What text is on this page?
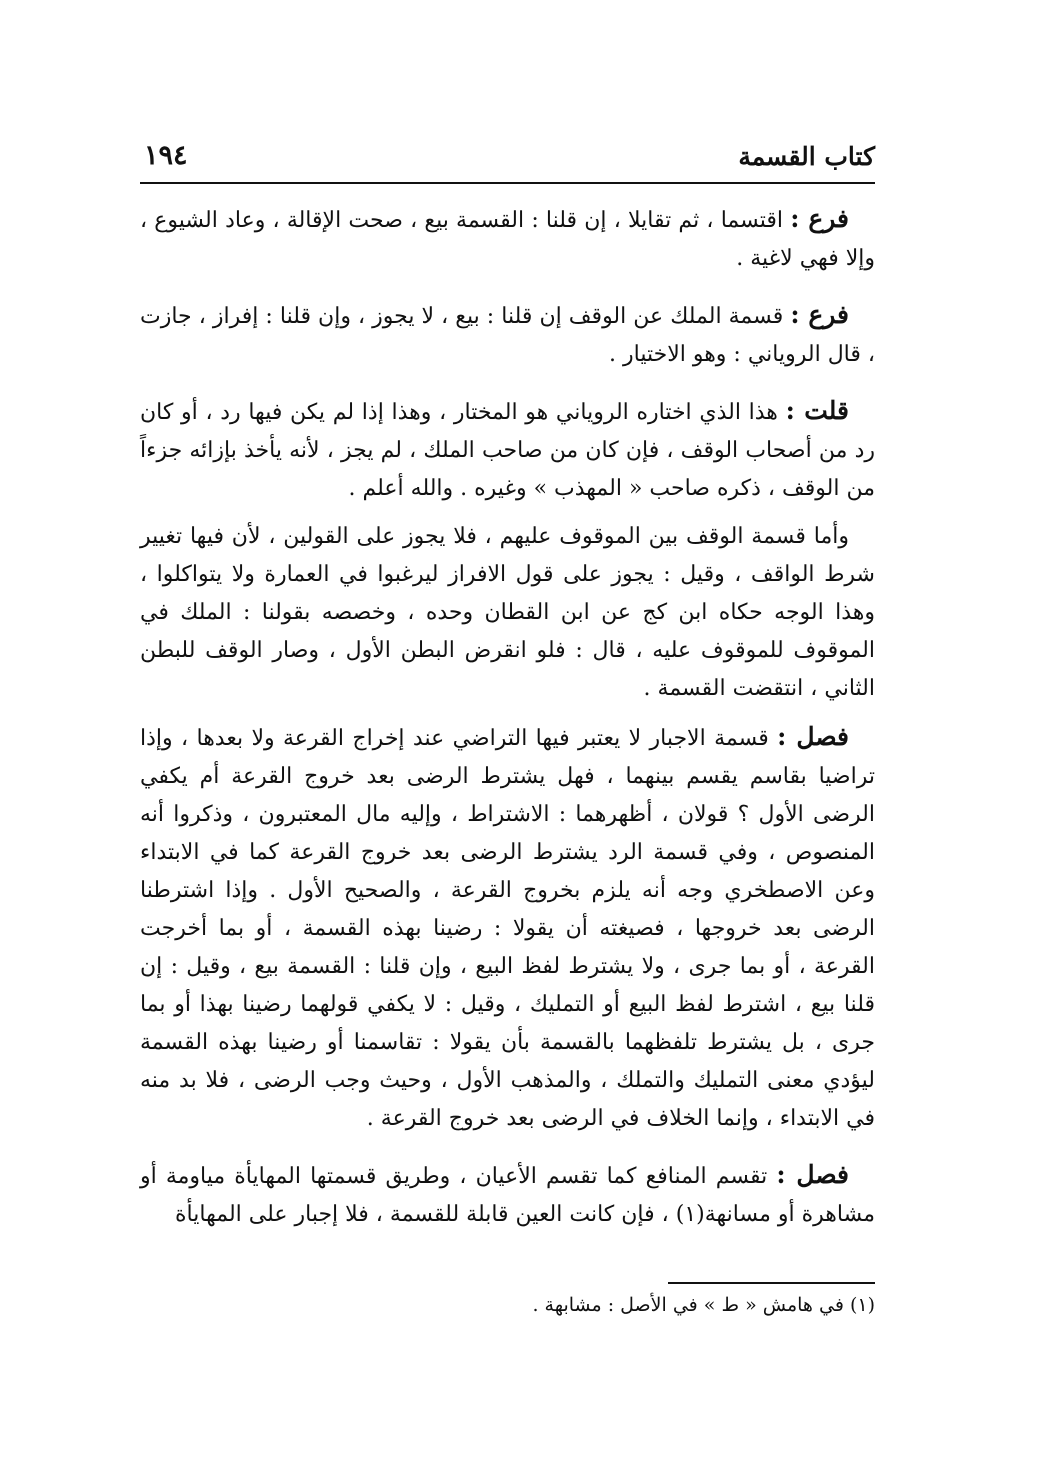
كتاب القسمة
١٩٤

فرع : اقتسما ، ثم تقايلا ، إن قلنا : القسمة بيع ، صحت الإقالة ، وعاد الشيوع ، وإلا فهي لاغية .

فرع : قسمة الملك عن الوقف إن قلنا : بيع ، لا يجوز ، وإن قلنا : إفراز ، جازت ، قال الروياني : وهو الاختيار .

قلت : هذا الذي اختاره الروياني هو المختار ، وهذا إذا لم يكن فيها رد ، أو كان رد من أصحاب الوقف ، فإن كان من صاحب الملك ، لم يجز ، لأنه يأخذ بإزائه جزءاً من الوقف ، ذكره صاحب « المهذب » وغيره . والله أعلم .

وأما قسمة الوقف بين الموقوف عليهم ، فلا يجوز على القولين ، لأن فيها تغيير شرط الواقف ، وقيل : يجوز على قول الافراز ليرغبوا في العمارة ولا يتواكلوا ، وهذا الوجه حكاه ابن كج عن ابن القطان وحده ، وخصصه بقولنا : الملك في الموقوف للموقوف عليه ، قال : فلو انقرض البطن الأول ، وصار الوقف للبطن الثاني ، انتقضت القسمة .

فصل : قسمة الاجبار لا يعتبر فيها التراضي عند إخراج القرعة ولا بعدها ، وإذا تراضيا بقاسم يقسم بينهما ، فهل يشترط الرضى بعد خروج القرعة أم يكفي الرضى الأول ؟ قولان ، أظهرهما : الاشتراط ، وإليه مال المعتبرون ، وذكروا أنه المنصوص ، وفي قسمة الرد يشترط الرضى بعد خروج القرعة كما في الابتداء وعن الاصطخري وجه أنه يلزم بخروج القرعة ، والصحيح الأول . وإذا اشترطنا الرضى بعد خروجها ، فصيغته أن يقولا : رضينا بهذه القسمة ، أو بما أخرجت القرعة ، أو بما جرى ، ولا يشترط لفظ البيع ، وإن قلنا : القسمة بيع ، وقيل : إن قلنا بيع ، اشترط لفظ البيع أو التمليك ، وقيل : لا يكفي قولهما رضينا بهذا أو بما جرى ، بل يشترط تلفظهما بالقسمة بأن يقولا : تقاسمنا أو رضينا بهذه القسمة ليؤدي معنى التمليك والتملك ، والمذهب الأول ، وحيث وجب الرضى ، فلا بد منه في الابتداء ، وإنما الخلاف في الرضى بعد خروج القرعة .

فصل : تقسم المنافع كما تقسم الأعيان ، وطريق قسمتها المهايأة مياومة أو مشاهرة أو مسانهة(١) ، فإن كانت العين قابلة للقسمة ، فلا إجبار على المهايأة

(١) في هامش « ط » في الأصل : مشابهة .
